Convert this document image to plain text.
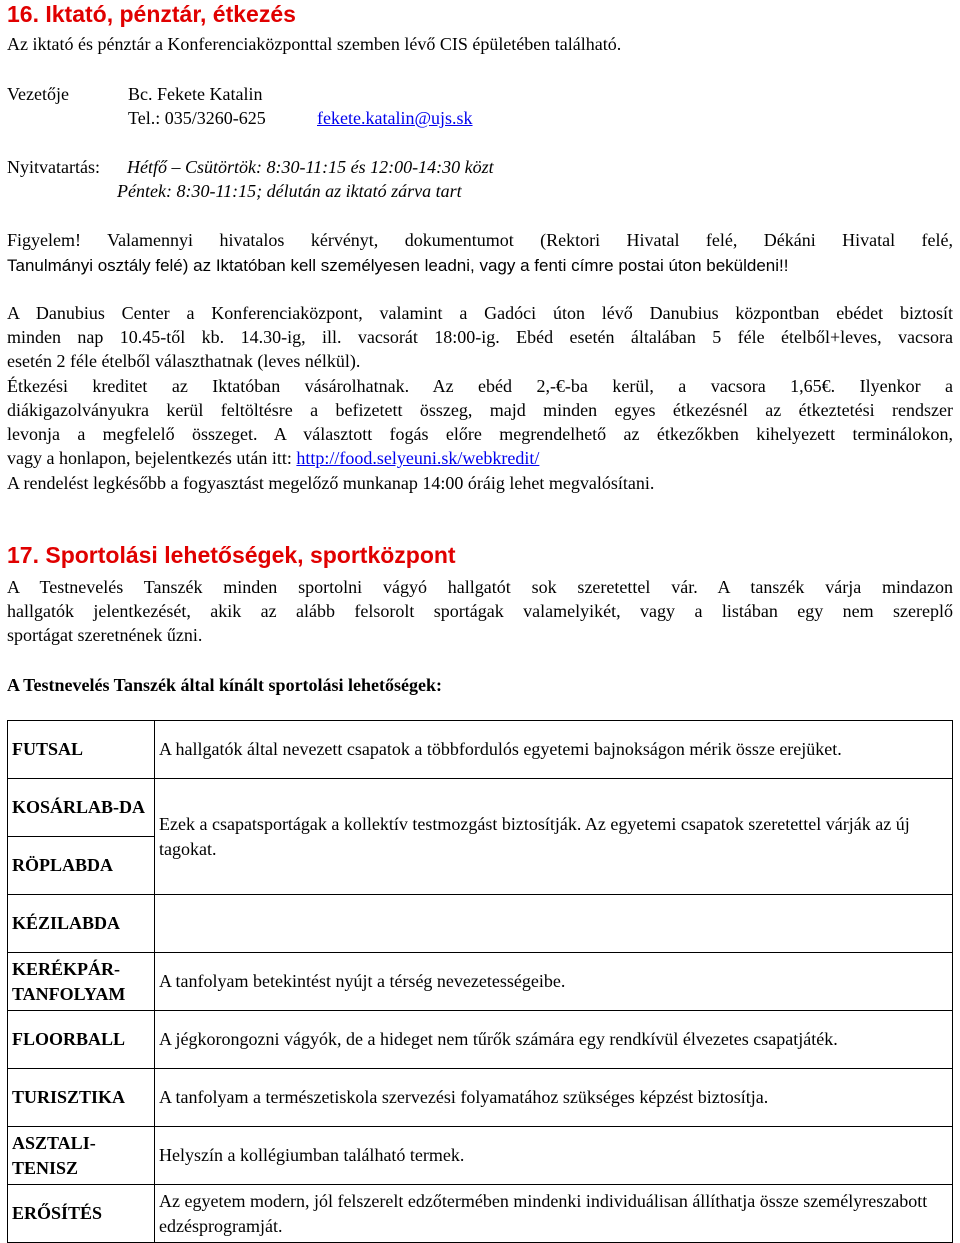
16. Iktató, pénztár, étkezés

Az iktató és pénztár a Konferenciaközponttal szemben lévő CIS épületében található.

Vezetője	Bc. Fekete Katalin

Tel.: 035/3260-625	fekete.katalin@ujs.sk

Nyitvatartás: Hétfő – Csütörtök: 8:30-11:15 és 12:00-14:30 közt

Péntek: 8:30-11:15; délután az iktató zárva tart

Figyelem! Valamennyi hivatalos kérvényt, dokumentumot (Rektori Hivatal felé, Dékáni Hivatal felé,

Tanulmányi osztály felé) az Iktatóban kell személyesen leadni, vagy a fenti címre postai úton beküldeni!!

A Danubius Center a Konferenciaközpont, valamint a Gadóci úton lévő Danubius központban ebédet biztosít

minden nap 10.45-től kb. 14.30-ig, ill. vacsorát 18:00-ig. Ebéd esetén általában 5 féle ételből+leves, vacsora

esetén 2 féle ételből választhatnak (leves nélkül).

Étkezési kreditet az Iktatóban vásárolhatnak. Az ebéd 2,-€-ba kerül, a vacsora 1,65€. Ilyenkor a

diákigazolványukra kerül feltöltésre a befizetett összeg, majd minden egyes étkezésnél az étkeztetési rendszer

levonja a megfelelő összeget. A választott fogás előre megrendelhető az étkezőkben kihelyezett terminálokon,

vagy a honlapon, bejelentkezés után itt: http://food.selyeuni.sk/webkredit/

A rendelést legkésőbb a fogyasztást megelőző munkanap 14:00 óráig lehet megvalósítani.

17. Sportolási lehetőségek, sportközpont

A Testnevelés Tanszék minden sportolni vágyó hallgatót sok szeretettel vár. A tanszék várja mindazon

hallgatók jelentkezését, akik az alább felsorolt sportágak valamelyikét, vagy a listában egy nem szereplő

sportágat szeretnének űzni.

A Testnevelés Tanszék által kínált sportolási lehetőségek:

FUTSAL	A hallgatók által nevezett csapatok a többfordulós egyetemi bajnokságon mérik össze erejüket.
KOSÁRLAB-DA	Ezek a csapatsportágak a kollektív testmozgást biztosítják. Az egyetemi csapatok szeretettel várják az új tagokat.
RÖPLABDA	
KÉZILABDA	
KERÉKPÁR-TANFOLYAM	A tanfolyam betekintést nyújt a térség nevezetességeibe.
FLOORBALL	A jégkorongozni vágyók, de a hideget nem tűrők számára egy rendkívül élvezetes csapatjáték.
TURISZTIKA	A tanfolyam a természetiskola szervezési folyamatához szükséges képzést biztosítja.
ASZTALI-TENISZ	Helyszín a kollégiumban található termek.
ERŐSÍTÉS	Az egyetem modern, jól felszerelt edzőtermében mindenki individuálisan állíthatja össze személyreszabott edzésprogramját.
